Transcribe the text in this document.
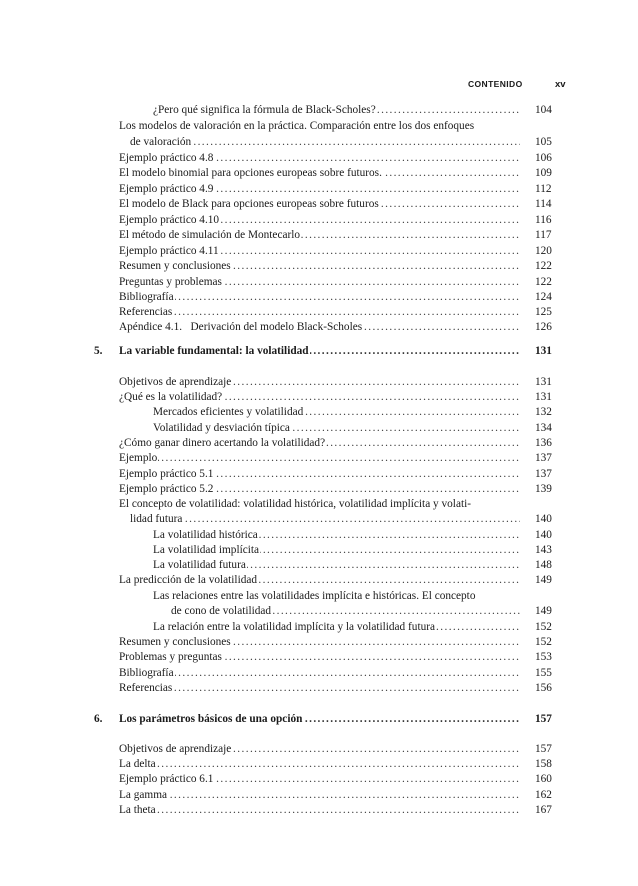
CONTENIDO	xv
¿Pero qué significa la fórmula de Black-Scholes? .....	104
Los modelos de valoración en la práctica. Comparación entre los dos enfoques
de valoración .....	105
Ejemplo práctico 4.8 .....	106
El modelo binomial para opciones europeas sobre futuros. .....	109
Ejemplo práctico 4.9 .....	112
El modelo de Black para opciones europeas sobre futuros .....	114
Ejemplo práctico 4.10 .....	116
El método de simulación de Montecarlo .....	117
Ejemplo práctico 4.11 .....	120
Resumen y conclusiones .....	122
Preguntas y problemas .....	122
Bibliografía .....	124
Referencias .....	125
Apéndice 4.1.   Derivación del modelo Black-Scholes .....	126
5. La variable fundamental: la volatilidad .....	131
Objetivos de aprendizaje .....	131
¿Qué es la volatilidad? .....	131
Mercados eficientes y volatilidad .....	132
Volatilidad y desviación típica .....	134
¿Cómo ganar dinero acertando la volatilidad? .....	136
Ejemplo .....	137
Ejemplo práctico 5.1 .....	137
Ejemplo práctico 5.2 .....	139
El concepto de volatilidad: volatilidad histórica, volatilidad implícita y volati-
lidad futura .....	140
La volatilidad histórica .....	140
La volatilidad implícita .....	143
La volatilidad futura .....	148
La predicción de la volatilidad .....	149
Las relaciones entre las volatilidades implícita e históricas. El concepto
de cono de volatilidad .....	149
La relación entre la volatilidad implícita y la volatilidad futura .....	152
Resumen y conclusiones .....	152
Problemas y preguntas .....	153
Bibliografía .....	155
Referencias .....	156
6. Los parámetros básicos de una opción .....	157
Objetivos de aprendizaje .....	157
La delta .....	158
Ejemplo práctico 6.1 .....	160
La gamma .....	162
La theta .....	167
